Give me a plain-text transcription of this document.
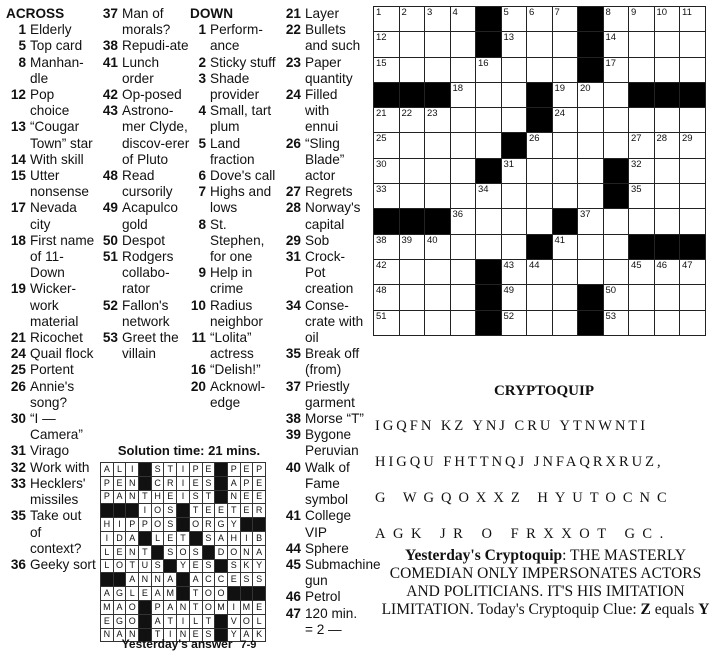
ACROSS
1 Elderly
5 Top card
8 Manhan-dle
12 Pop choice
13 “Cougar Town” star
14 With skill
15 Utter nonsense
17 Nevada city
18 First name of 11-Down
19 Wicker-work material
21 Ricochet
24 Quail flock
25 Portent
26 Annie's song?
30 “I — Camera”
31 Virago
32 Work with
33 Hecklers' missiles
35 Take out of context?
36 Geeky sort
37 Man of morals?
38 Repudi-ate
41 Lunch order
42 Op-posed
43 Astrono-mer Clyde, discov-erer of Pluto
48 Read cursorily
49 Acapulco gold
50 Despot
51 Rodgers collabo-rator
52 Fallon's network
53 Greet the villain
DOWN
1 Perform-ance
2 Sticky stuff
3 Shade provider
4 Small, tart plum
5 Land fraction
6 Dove's call
7 Highs and lows
8 St. Stephen, for one
9 Help in crime
10 Radius neighbor
11 “Lolita” actress
16 “Delish!”
20 Acknowl-edge
21 Layer
22 Bullets and such
23 Paper quantity
24 Filled with ennui
26 “Sling Blade” actor
27 Regrets
28 Norway's capital
29 Sob
31 Crock-Pot creation
34 Conse-crate with oil
35 Break off (from)
37 Priestly garment
38 Morse “T”
39 Bygone Peruvian
40 Walk of Fame symbol
41 College VIP
44 Sphere
45 Submachine gun
46 Petrol
47 120 min. = 2 —
Solution time: 21 mins.
A	L	I		S	T	I	P	E		P	E	P
P	E	N		C	R	I	E	S		A	P	E
P	A	N	T	H	E	I	S	T		N	E	E
			I	O	S		T	E	E	T	E	R
H	I	P	P	O	S		O	R	G	Y		
I	D	A		L	E	T		S	A	H	I	B
L	E	N	T		S	O	S		D	O	N	A
L	O	T	U	S		Y	E	S		S	K	Y
		A	N	N	A		A	C	C	E	S	S
A	G	L	E	A	M		T	O	O			
M	A	O		P	A	N	T	O	M	I	M	E
E	G	O		A	T	I	L	T		V	O	L
N	A	N		T	I	N	E	S		Y	A	K
Yesterday's answer 7-9
1	2	3	4		5	6	7		8	9	10	11

12					13				14			

15				16					17			

			18				19	20				

21	22	23					24					

25						26				27	28	29

30					31					32		

33				34						35		

			36					37				

38	39	40					41					

42					43	44				45	46	47

48					49				50			

51					52				53			

CRYPTOQUIP
IGQFN KZ YNJ CRU YTNWNTI
HIGQU FHTTNQJ JNFAQRXRUZ,
G WGQOXXZ HYUTOCNC
AGK JR O FRXXOT GC.
Yesterday's Cryptoquip: THE MASTERLY COMEDIAN ONLY IMPERSONATES ACTORS AND POLITICIANS. IT'S HIS IMITATION LIMITATION. Today's Cryptoquip Clue: Z equals Y
